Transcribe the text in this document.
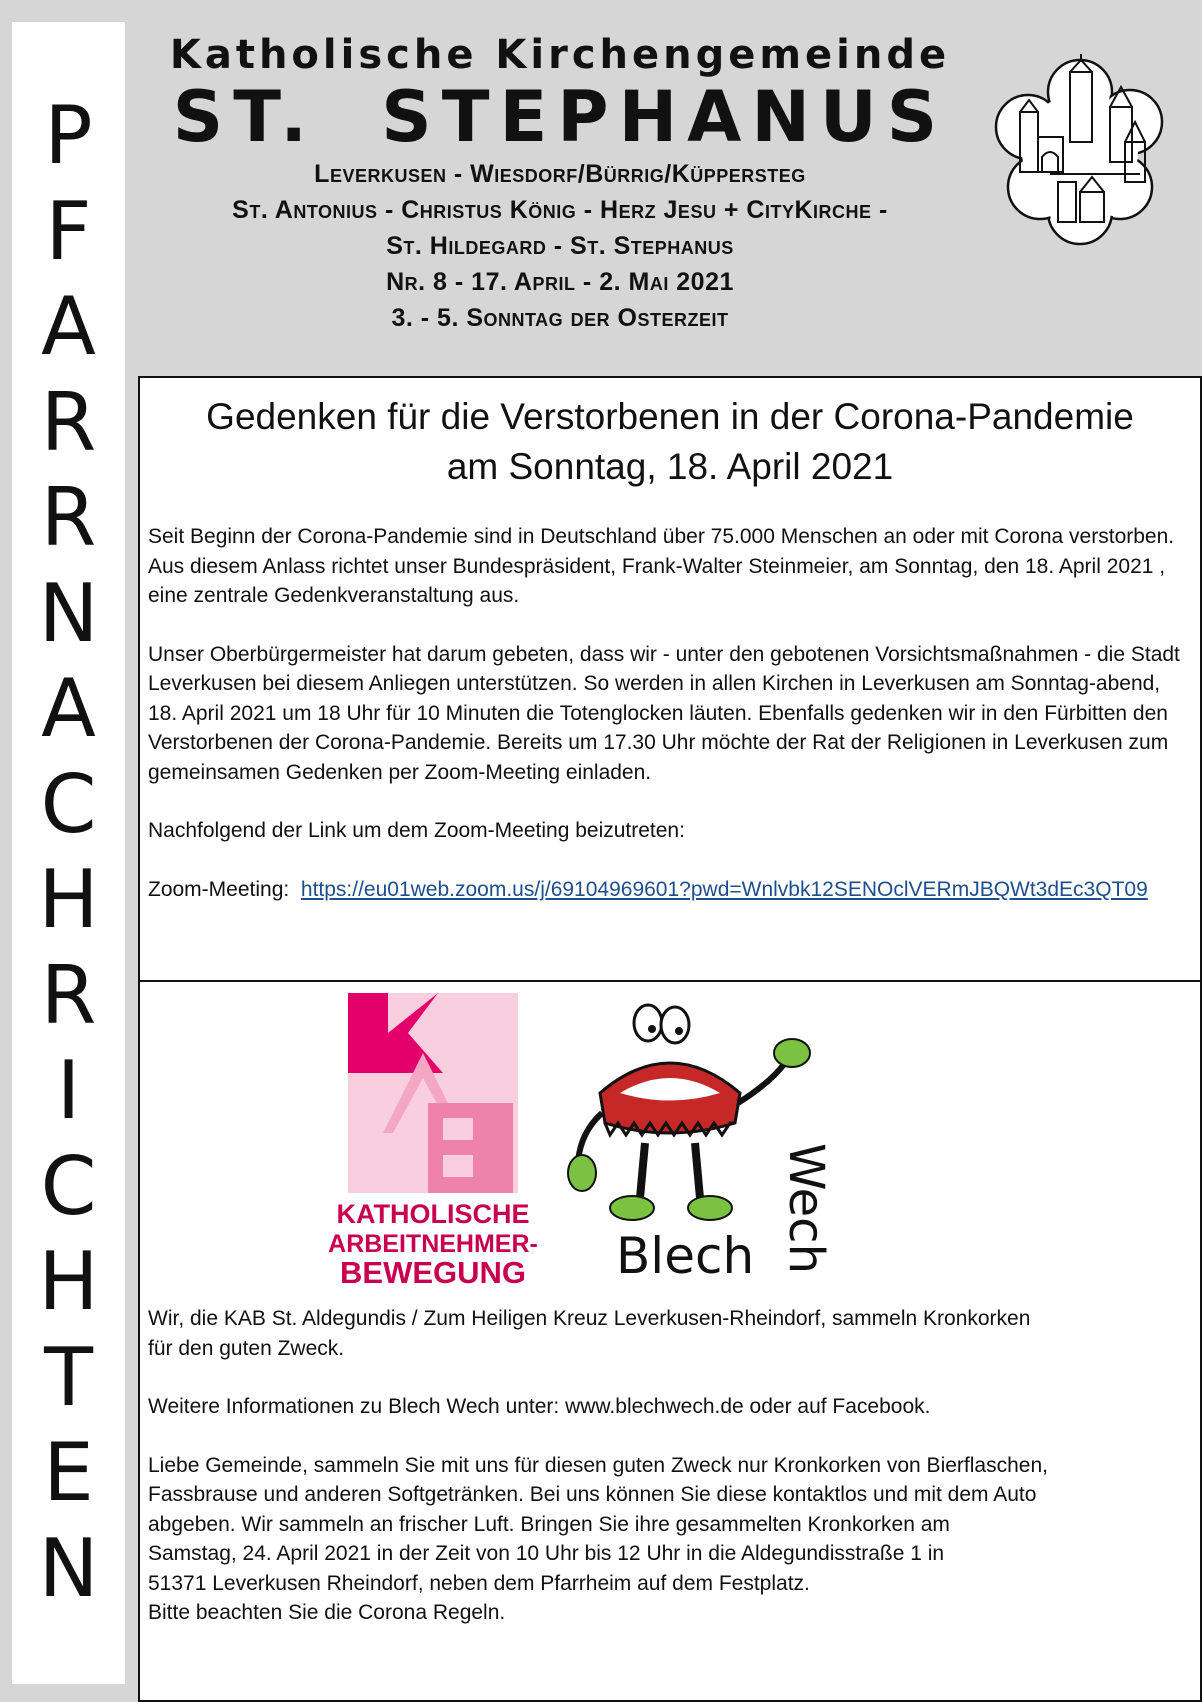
P
F
A
R
R
N
A
C
H
R
I
C
H
T
E
N
Katholische Kirchengemeinde
ST. STEPHANUS
Leverkusen - Wiesdorf/Bürrig/Küppersteg
St. Antonius - Christus König - Herz Jesu + CityKirche -
St. Hildegard - St. Stephanus
Nr. 8 - 17. April - 2. Mai 2021
3. - 5. Sonntag der Osterzeit
Gedenken für die Verstorbenen in der Corona-Pandemie
am Sonntag, 18. April 2021

Seit Beginn der Corona-Pandemie sind in Deutschland über 75.000 Menschen an oder mit Corona verstorben. Aus diesem Anlass richtet unser Bundespräsident, Frank-Walter Steinmeier, am Sonntag, den 18. April 2021 , eine zentrale Gedenkveranstaltung aus.

Unser Oberbürgermeister hat darum gebeten, dass wir - unter den gebotenen Vorsichtsmaßnahmen - die Stadt Leverkusen bei diesem Anliegen unterstützen. So werden in allen Kirchen in Leverkusen am Sonntag-abend, 18. April 2021 um 18 Uhr für 10 Minuten die Totenglocken läuten. Ebenfalls gedenken wir in den Fürbitten den Verstorbenen der Corona-Pandemie. Bereits um 17.30 Uhr möchte der Rat der Religionen in Leverkusen zum gemeinsamen Gedenken per Zoom-Meeting einladen.

Nachfolgend der Link um dem Zoom-Meeting beizutreten:

Zoom-Meeting: https://eu01web.zoom.us/j/69104969601?pwd=Wnlvbk12SENOclVERmJBQWt3dEc3QT09

KATHOLISCHE
ARBEITNEHMER-
BEWEGUNG Blech Wech

Wir, die KAB St. Aldegundis / Zum Heiligen Kreuz Leverkusen-Rheindorf, sammeln Kronkorken
für den guten Zweck.

Weitere Informationen zu Blech Wech unter: www.blechwech.de oder auf Facebook.

Liebe Gemeinde, sammeln Sie mit uns für diesen guten Zweck nur Kronkorken von Bierflaschen,
Fassbrause und anderen Softgetränken. Bei uns können Sie diese kontaktlos und mit dem Auto
abgeben. Wir sammeln an frischer Luft. Bringen Sie ihre gesammelten Kronkorken am
Samstag, 24. April 2021 in der Zeit von 10 Uhr bis 12 Uhr in die Aldegundisstraße 1 in
51371 Leverkusen Rheindorf, neben dem Pfarrheim auf dem Festplatz.
Bitte beachten Sie die Corona Regeln.
